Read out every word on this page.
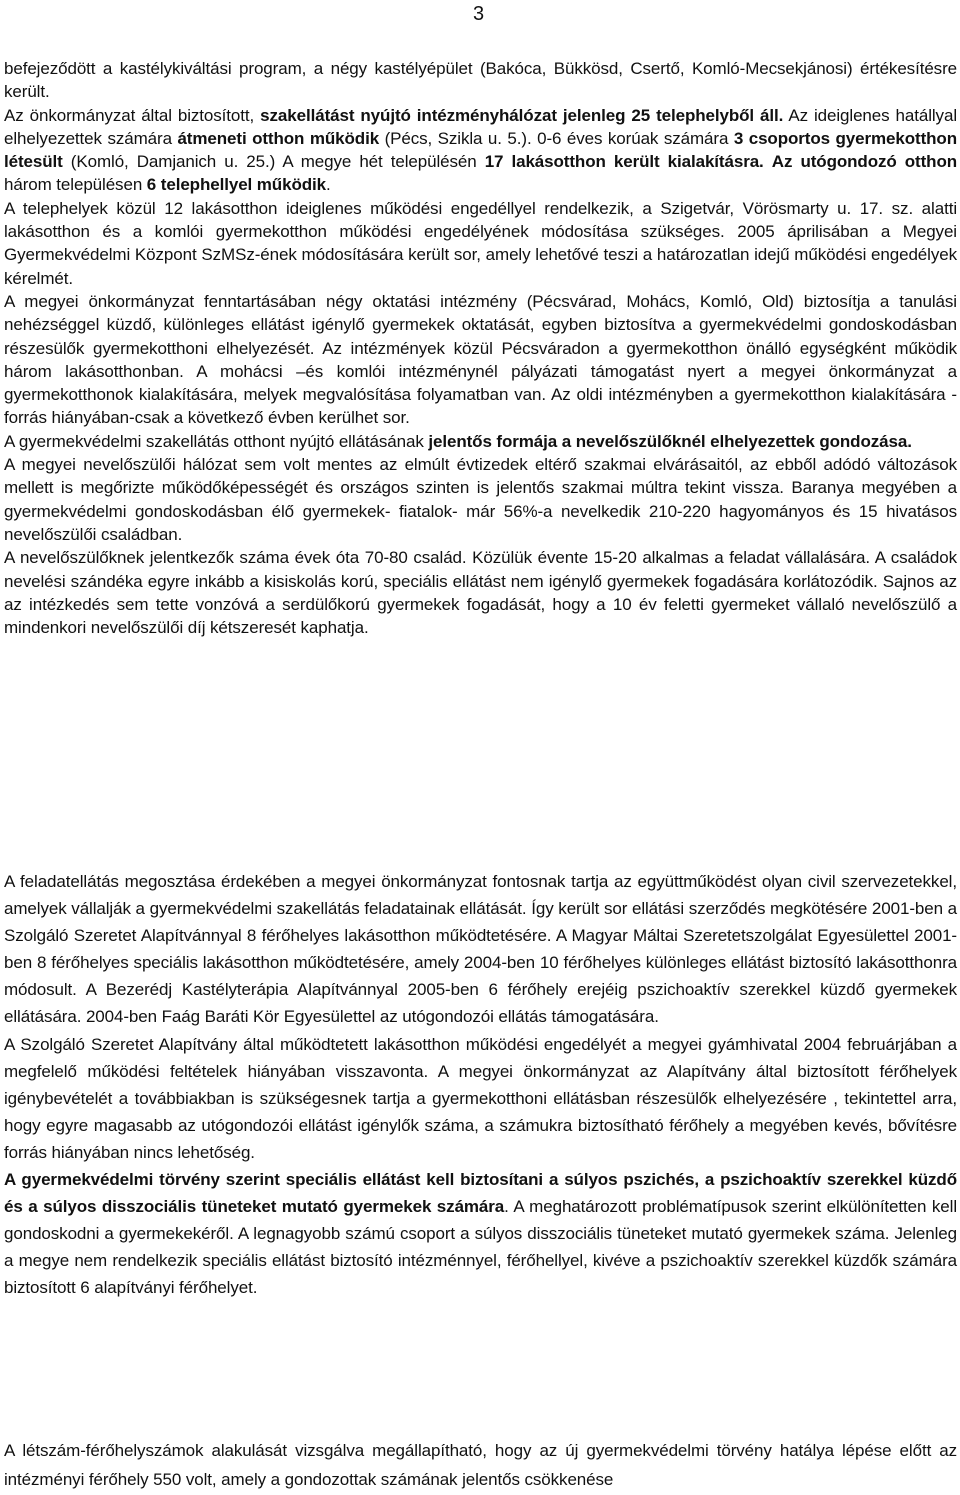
3

befejeződött a kastélykiváltási program, a négy kastélyépület (Bakóca, Bükkösd, Csertő, Komló-Mecsekjánosi) értékesítésre került.

Az önkormányzat által biztosított, szakellátást nyújtó intézményhálózat jelenleg 25 telephelyből áll. Az ideiglenes hatállyal elhelyezettek számára átmeneti otthon működik (Pécs, Szikla u. 5.). 0-6 éves korúak számára 3 csoportos gyermekotthon létesült (Komló, Damjanich u. 25.) A megye hét településén 17 lakásotthon került kialakításra. Az utógondozó otthon három településen 6 telephellyel működik.

A telephelyek közül 12 lakásotthon ideiglenes működési engedéllyel rendelkezik, a Szigetvár, Vörösmarty u. 17. sz. alatti lakásotthon és a komlói gyermekotthon működési engedélyének módosítása szükséges. 2005 áprilisában a Megyei Gyermekvédelmi Központ SzMSz-ének módosítására került sor, amely lehetővé teszi a határozatlan idejű működési engedélyek kérelmét.

A megyei önkormányzat fenntartásában négy oktatási intézmény (Pécsvárad, Mohács, Komló, Old) biztosítja a tanulási nehézséggel küzdő, különleges ellátást igénylő gyermekek oktatását, egyben biztosítva a gyermekvédelmi gondoskodásban részesülők gyermekotthoni elhelyezését. Az intézmények közül Pécsváradon a gyermekotthon önálló egységként működik három lakásotthonban. A mohácsi –és komlói intézménynél pályázati támogatást nyert a megyei önkormányzat a gyermekotthonok kialakítására, melyek megvalósítása folyamatban van. Az oldi intézményben a gyermekotthon kialakítására -forrás hiányában-csak a következő évben kerülhet sor.

A gyermekvédelmi szakellátás otthont nyújtó ellátásának jelentős formája a nevelőszülőknél elhelyezettek gondozása.

A megyei nevelőszülői hálózat sem volt mentes az elmúlt évtizedek eltérő szakmai elvárásaitól, az ebből adódó változások mellett is megőrizte működőképességét és országos szinten is jelentős szakmai múltra tekint vissza. Baranya megyében a gyermekvédelmi gondoskodásban élő gyermekek- fiatalok- már 56%-a nevelkedik 210-220 hagyományos és 15 hivatásos nevelőszülői családban.

A nevelőszülőknek jelentkezők száma évek óta 70-80 család. Közülük évente 15-20 alkalmas a feladat vállalására. A családok nevelési szándéka egyre inkább a kisiskolás korú, speciális ellátást nem igénylő gyermekek fogadására korlátozódik. Sajnos az az intézkedés sem tette vonzóvá a serdülőkorú gyermekek fogadását, hogy a 10 év feletti gyermeket vállaló nevelőszülő a mindenkori nevelőszülői díj kétszeresét kaphatja.

A feladatellátás megosztása érdekében a megyei önkormányzat fontosnak tartja az együttműködést olyan civil szervezetekkel, amelyek vállalják a gyermekvédelmi szakellátás feladatainak ellátását. Így került sor ellátási szerződés megkötésére 2001-ben a Szolgáló Szeretet Alapítvánnyal 8 férőhelyes lakásotthon működtetésére. A Magyar Máltai Szeretetszolgálat Egyesülettel 2001-ben 8 férőhelyes speciális lakásotthon működtetésére, amely 2004-ben 10 férőhelyes különleges ellátást biztosító lakásotthonra módosult. A Bezerédj Kastélyterápia Alapítvánnyal 2005-ben 6 férőhely erejéig pszichoaktív szerekkel küzdő gyermekek ellátására. 2004-ben Faág Baráti Kör Egyesülettel az utógondozói ellátás támogatására.

A Szolgáló Szeretet Alapítvány által működtetett lakásotthon működési engedélyét a megyei gyámhivatal 2004 februárjában a megfelelő működési feltételek hiányában visszavonta. A megyei önkormányzat az Alapítvány által biztosított férőhelyek igénybevételét a továbbiakban is szükségesnek tartja a gyermekotthoni ellátásban részesülők elhelyezésére , tekintettel arra, hogy egyre magasabb az utógondozói ellátást igénylők száma, a számukra biztosítható férőhely a megyében kevés, bővítésre forrás hiányában nincs lehetőség.

A gyermekvédelmi törvény szerint speciális ellátást kell biztosítani a súlyos pszichés, a pszichoaktív szerekkel küzdő és a súlyos disszociális tüneteket mutató gyermekek számára. A meghatározott problématípusok szerint elkülönítetten kell gondoskodni a gyermekekéről. A legnagyobb számú csoport a súlyos disszociális tüneteket mutató gyermekek száma. Jelenleg a megye nem rendelkezik speciális ellátást biztosító intézménnyel, férőhellyel, kivéve a pszichoaktív szerekkel küzdők számára biztosított 6 alapítványi férőhelyet.

A létszám-férőhelyszámok alakulását vizsgálva megállapítható, hogy az új gyermekvédelmi törvény hatálya lépése előtt az intézményi férőhely 550 volt, amely a gondozottak számának jelentős csökkenése
